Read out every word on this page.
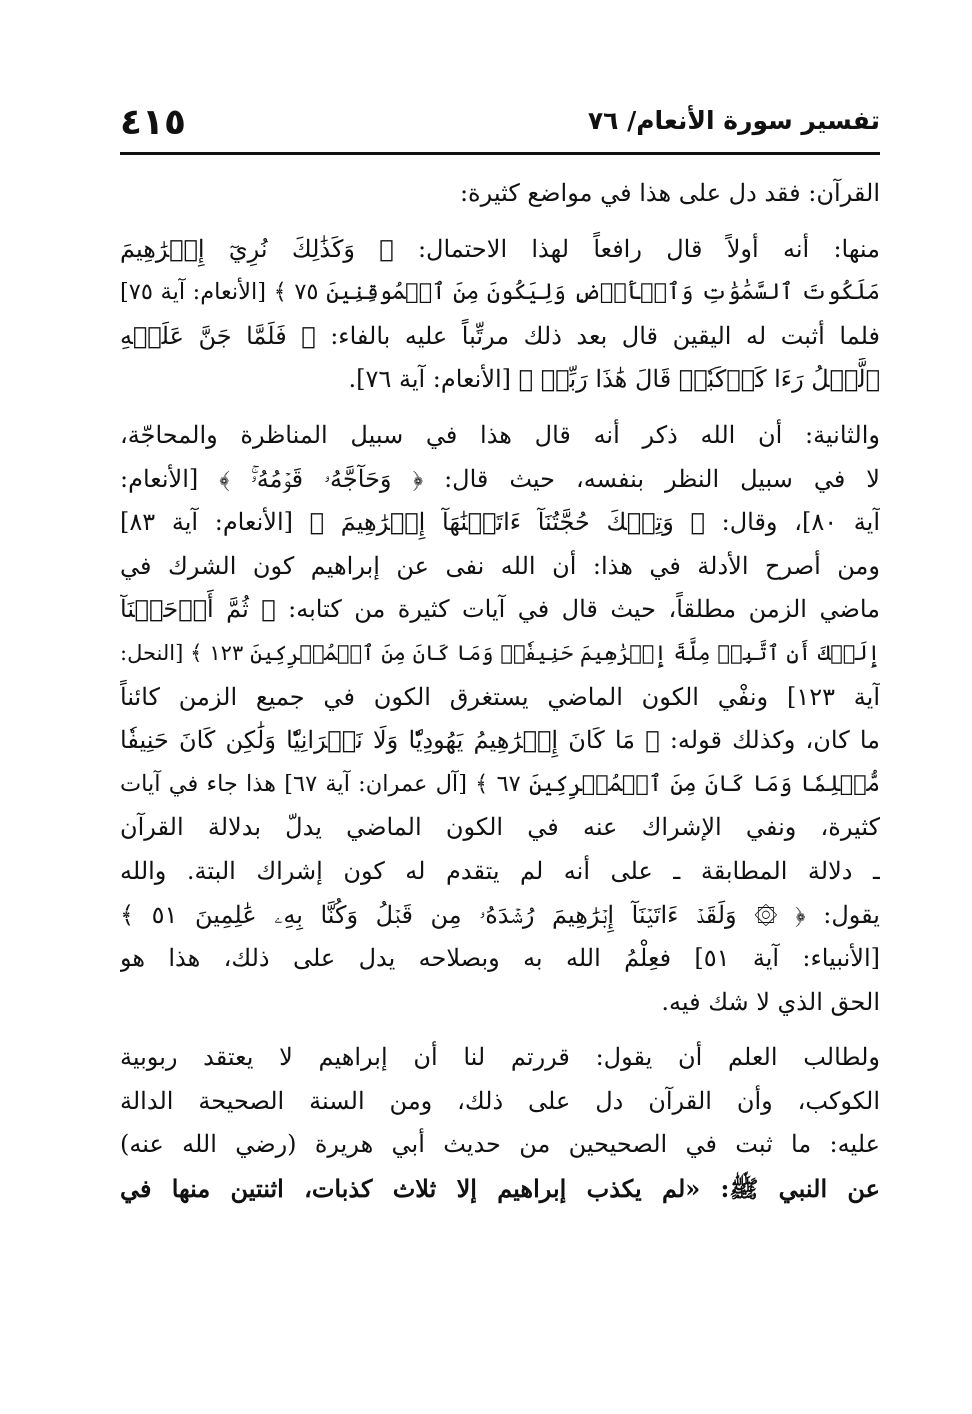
٤١٥	تفسير سورة الأنعام/ ٧٦
القرآن: فقد دل على هذا في مواضع كثيرة:
منها: أنه أولاً قال رافعاً لهذا الاحتمال: ﴿ وَكَذَٰلِكَ نُرِيٓ إِبۡرَٰهِيمَ
مَلَكُوتَ ٱلسَّمَٰوَٰتِ وَٱلۡأَرۡضِ وَلِيَكُونَ مِنَ ٱلۡمُوقِنِينَ ٧٥ ﴾ [الأنعام: آية ٧٥]
فلما أثبت له اليقين قال بعد ذلك مرتِّباً عليه بالفاء: ﴿ فَلَمَّا جَنَّ عَلَيۡهِ
ٱلَّيۡلُ رَءَا كَوۡكَبٗاۖ قَالَ هَٰذَا رَبِّيۖ ﴾ [الأنعام: آية ٧٦].
والثانية: أن الله ذكر أنه قال هذا في سبيل المناظرة والمحاجّة،
لا في سبيل النظر بنفسه، حيث قال: ﴿ وَحَآجَّهُۥ قَوۡمُهُۥۚ ﴾ [الأنعام:
آية ٨٠]، وقال: ﴿ وَتِلۡكَ حُجَّتُنَآ ءَاتَيۡنَٰهَآ إِبۡرَٰهِيمَ ﴾ [الأنعام: آية ٨٣]
ومن أصرح الأدلة في هذا: أن الله نفى عن إبراهيم كون الشرك في
ماضي الزمن مطلقاً، حيث قال في آيات كثيرة من كتابه: ﴿ ثُمَّ أَوۡحَيۡنَآ
إِلَيۡكَ أَنِ ٱتَّبِعۡ مِلَّةَ إِبۡرَٰهِيمَ حَنِيفٗاۖ وَمَا كَانَ مِنَ ٱلۡمُشۡرِكِينَ ١٢٣ ﴾ [النحل:
آية ١٢٣] ونفْي الكون الماضي يستغرق الكون في جميع الزمن كائناً
ما كان، وكذلك قوله: ﴿ مَا كَانَ إِبۡرَٰهِيمُ يَهُودِيّٗا وَلَا نَصۡرَانِيّٗا وَلَٰكِن كَانَ حَنِيفٗا
مُّسۡلِمٗا وَمَا كَانَ مِنَ ٱلۡمُشۡرِكِينَ ٦٧ ﴾ [آل عمران: آية ٦٧] هذا جاء في آيات
كثيرة، ونفي الإشراك عنه في الكون الماضي يدلّ بدلالة القرآن
ـ دلالة المطابقة ـ على أنه لم يتقدم له كون إشراك البتة. والله
يقول: ﴿ ۞ وَلَقَدۡ ءَاتَيۡنَآ إِبۡرَٰهِيمَ رُشۡدَهُۥ مِن قَبۡلُ وَكُنَّا بِهِۦ عَٰلِمِينَ ٥١ ﴾
[الأنبياء: آية ٥١] فعِلْمُ الله به وبصلاحه يدل على ذلك، هذا هو
الحق الذي لا شك فيه.
ولطالب العلم أن يقول: قررتم لنا أن إبراهيم لا يعتقد ربوبية
الكوكب، وأن القرآن دل على ذلك، ومن السنة الصحيحة الدالة
عليه: ما ثبت في الصحيحين من حديث أبي هريرة (رضي الله عنه)
عن النبي ﷺ: «لم يكذب إبراهيم إلا ثلاث كذبات، اثنتين منها في
